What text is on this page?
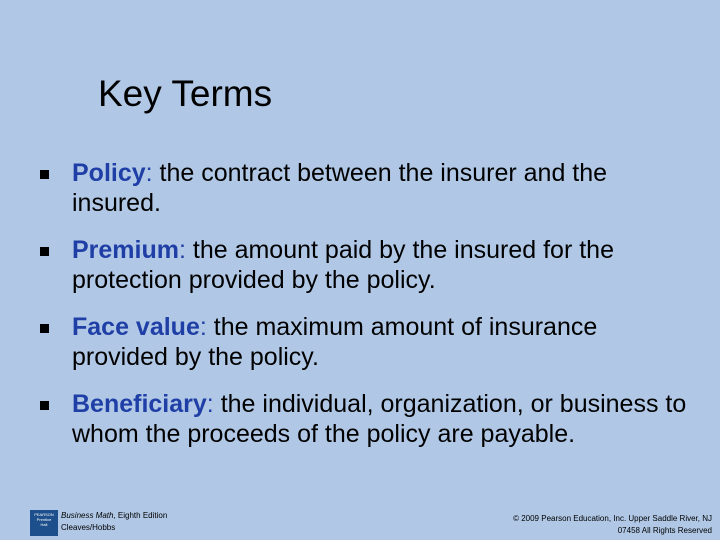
Key Terms
Policy: the contract between the insurer and the insured.
Premium: the amount paid by the insured for the protection provided by the policy.
Face value: the maximum amount of insurance provided by the policy.
Beneficiary: the individual, organization, or business to whom the proceeds of the policy are payable.
PEARSON
Prentice
Hall
Business Math, Eighth Edition
Cleaves/Hobbs
© 2009 Pearson Education, Inc. Upper Saddle River, NJ
07458 All Rights Reserved
